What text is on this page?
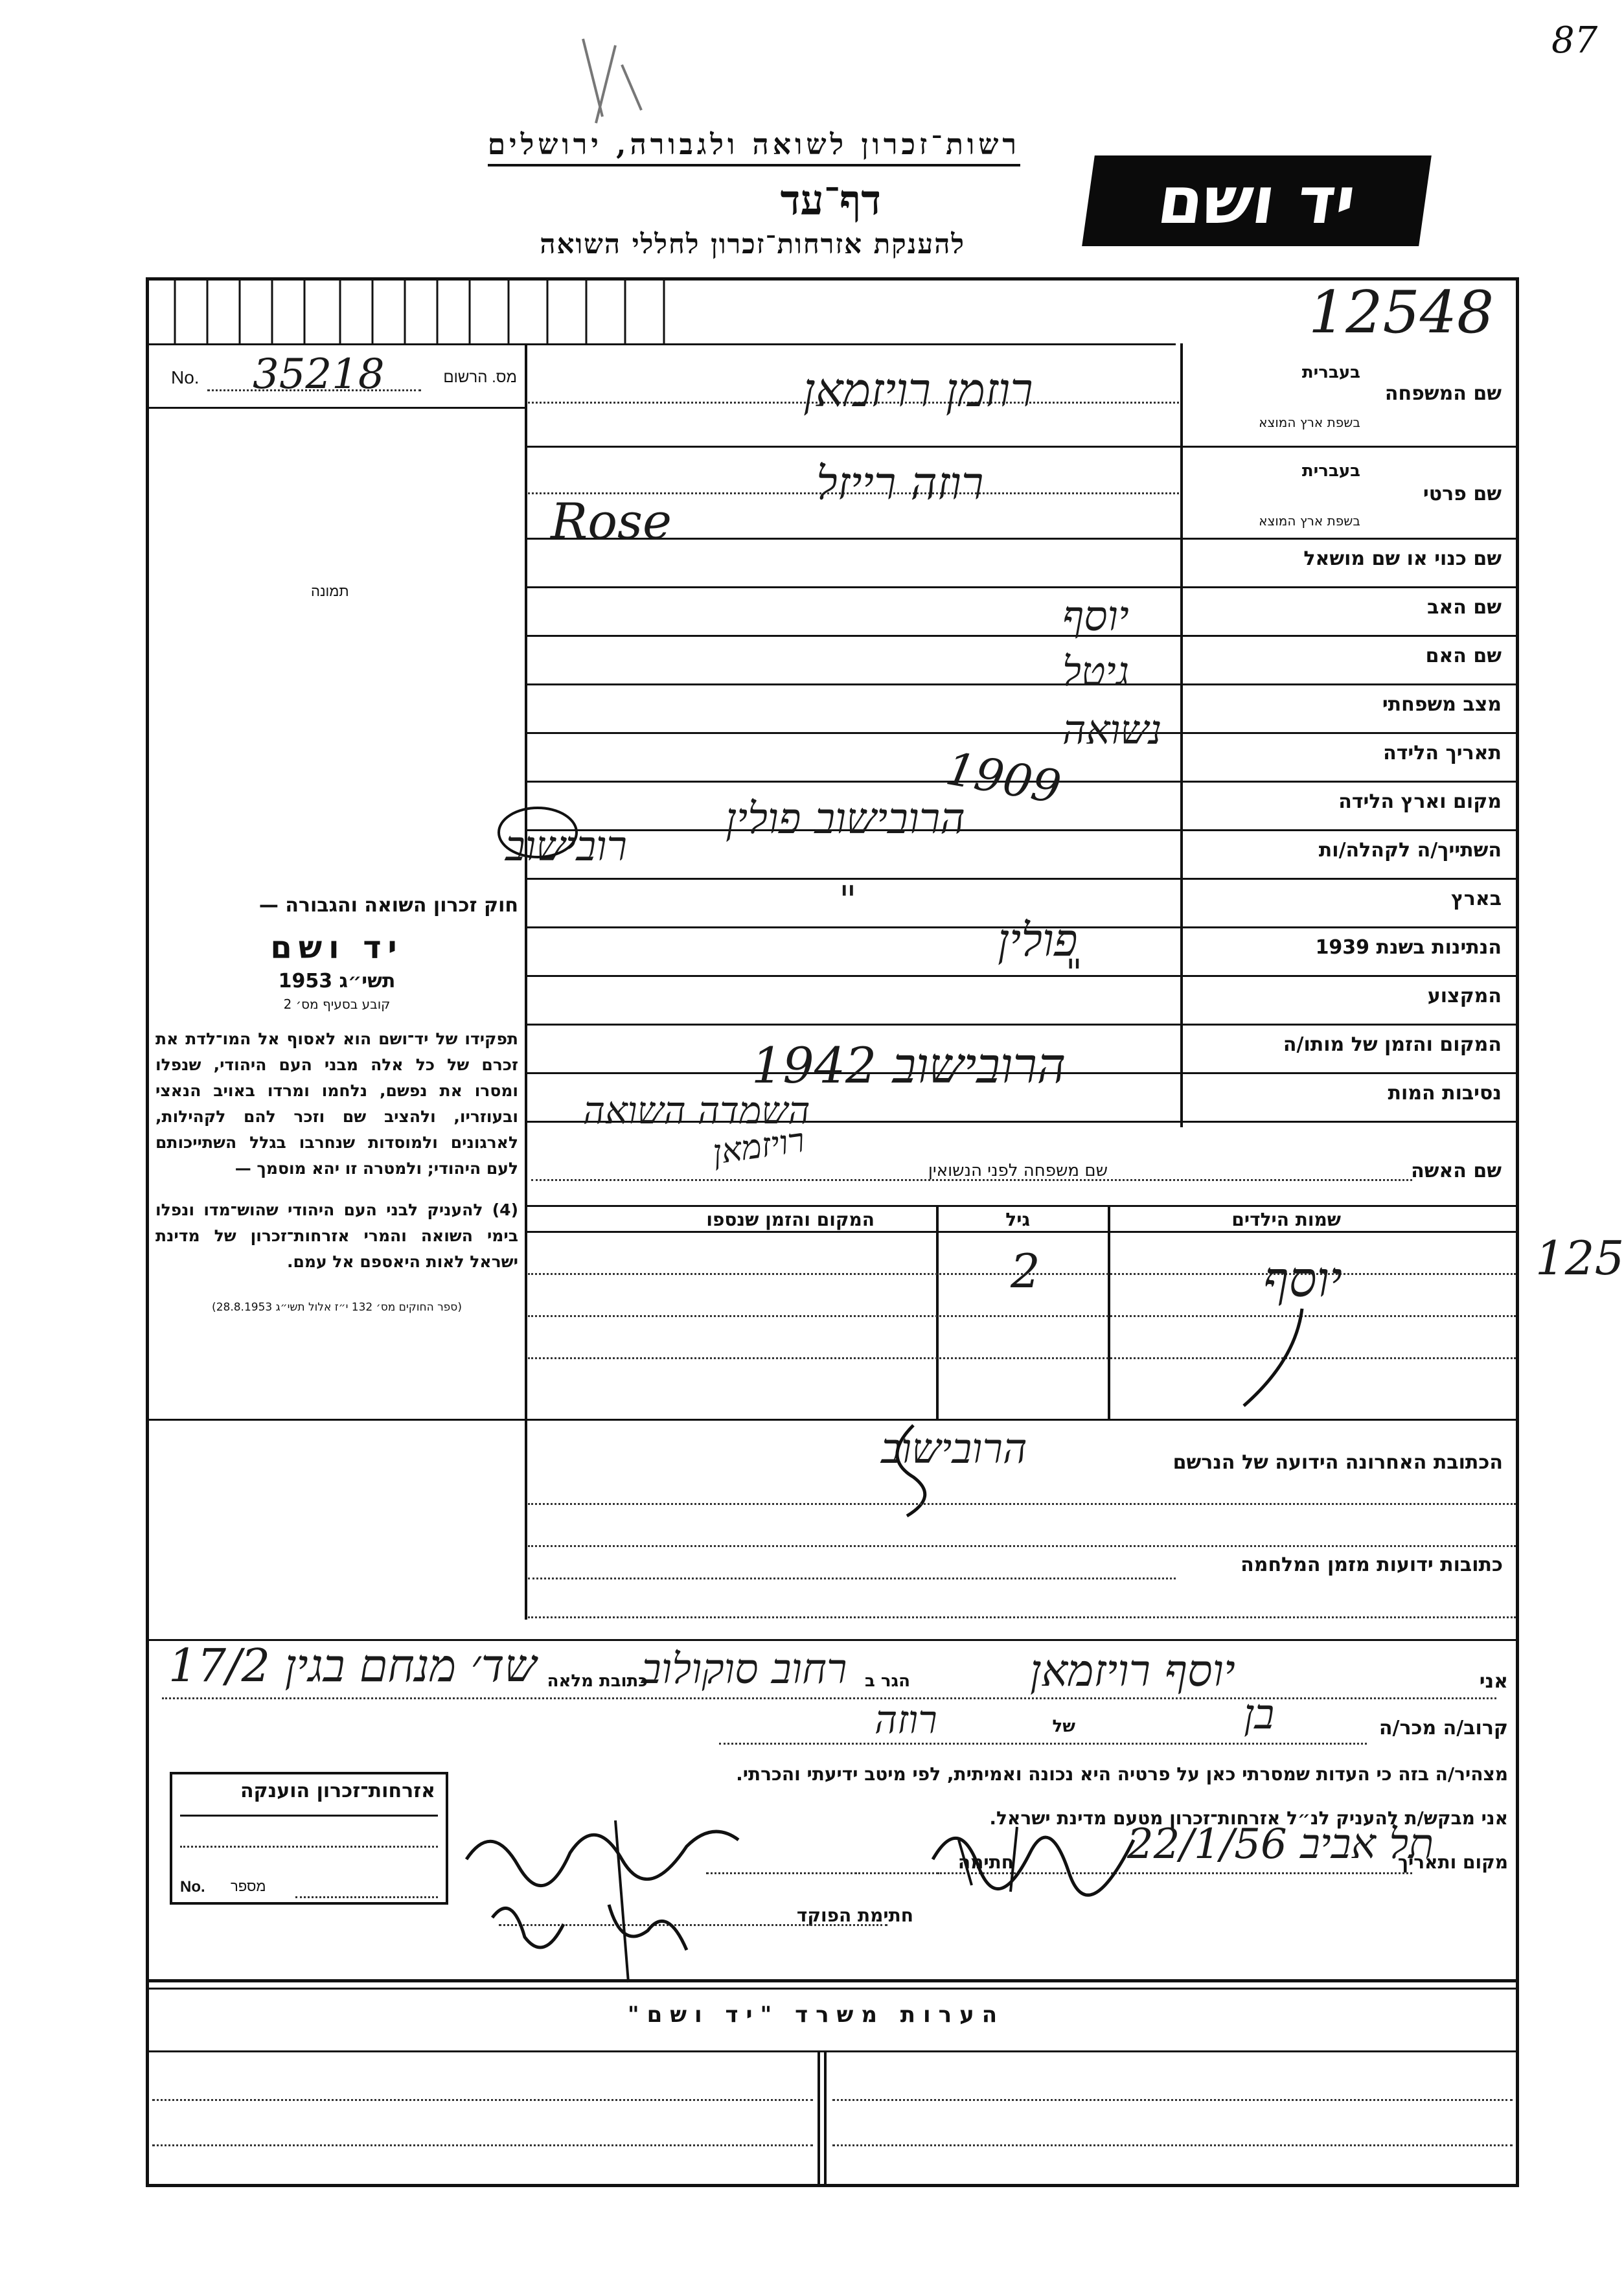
87
רשות־זכרון לשואה ולגבורה, ירושלים
דף־עד
להענקת אזרחות־זכרון לחללי השואה
יד ושם
12548
No. 35218	מס. הרשום
תמונה
שם המשפחה
בעברית
בשפת ארץ המוצא
שם פרטי
בעברית
בשפת ארץ המוצא
שם כנוי או שם מושאל
שם האב
שם האם
מצב משפחתי
תאריך הלידה
מקום וארץ הלידה
השתייך/ה לקהלה/ות
בארץ
הנתינות בשנת 1939
המקצוע
המקום והזמן של מותו/ה
נסיבות המות
רוזמן רויזמאן
רוזה רייזל
Rose
יוסף
גיטל
נשואה
1909
הרובישוב פולין
רובישוב
"
פולין
"
הרובישוב 1942
השמדה השואה
חוק זכרון השואה והגבורה —
יד ושם
תשי״ג 1953
קובע בסעיף מס׳ 2
תפקידו של יד־ושם הוא לאסוף אל המו־לדת את זכרם של כל אלה מבני העם היהודי, שנפלו ומסרו את נפשם, נלחמו ומרדו באויב הנאצי ובעוזריו, ולהציב שם וזכר להם לקהילות, לארגונים ולמוסדות שנחרבו בגלל השתייכותם לעם היהודי; ולמטרה זו יהא מוסמך —
(4) להעניק לבני העם היהודי שהוש־מדו ונפלו בימי השואה והמרי אזרחות־זכרון של מדינת ישראל לאות היאספם אל עמם.
(ספר החוקים מס׳ 132 י״ז אלול תשי״ג 28.8.1953)
שם האשה
שם משפחה לפני הנשואין
רויזמאן
שמות הילדים
גיל
המקום והזמן שנספו
יוסף
2	125
הכתובת האחרונה הידועה של הנרשם
הרובישוב
כתובות ידועות מזמן המלחמה
אני
יוסף רויזמאן
הגר ב
רחוב סוקולוב
כתובת מלאה
שד׳ מנחם בגין 17/2
קרוב/ה מכר/ה
בן
של
רוזה
מצהיר/ה בזה כי העדות שמסרתי כאן על פרטיה היא נכונה ואמיתית, לפי מיטב ידיעתי והכרתי.
אני מבקש/ת להעניק לנ״ל אזרחות־זכרון מטעם מדינת ישראל.
מקום ותאריך
תל אביב 22/1/56
חתימה
חתימת הפוקד
אזרחות־זכרון הוענקה
No. מספר
הערות משרד "יד ושם"
